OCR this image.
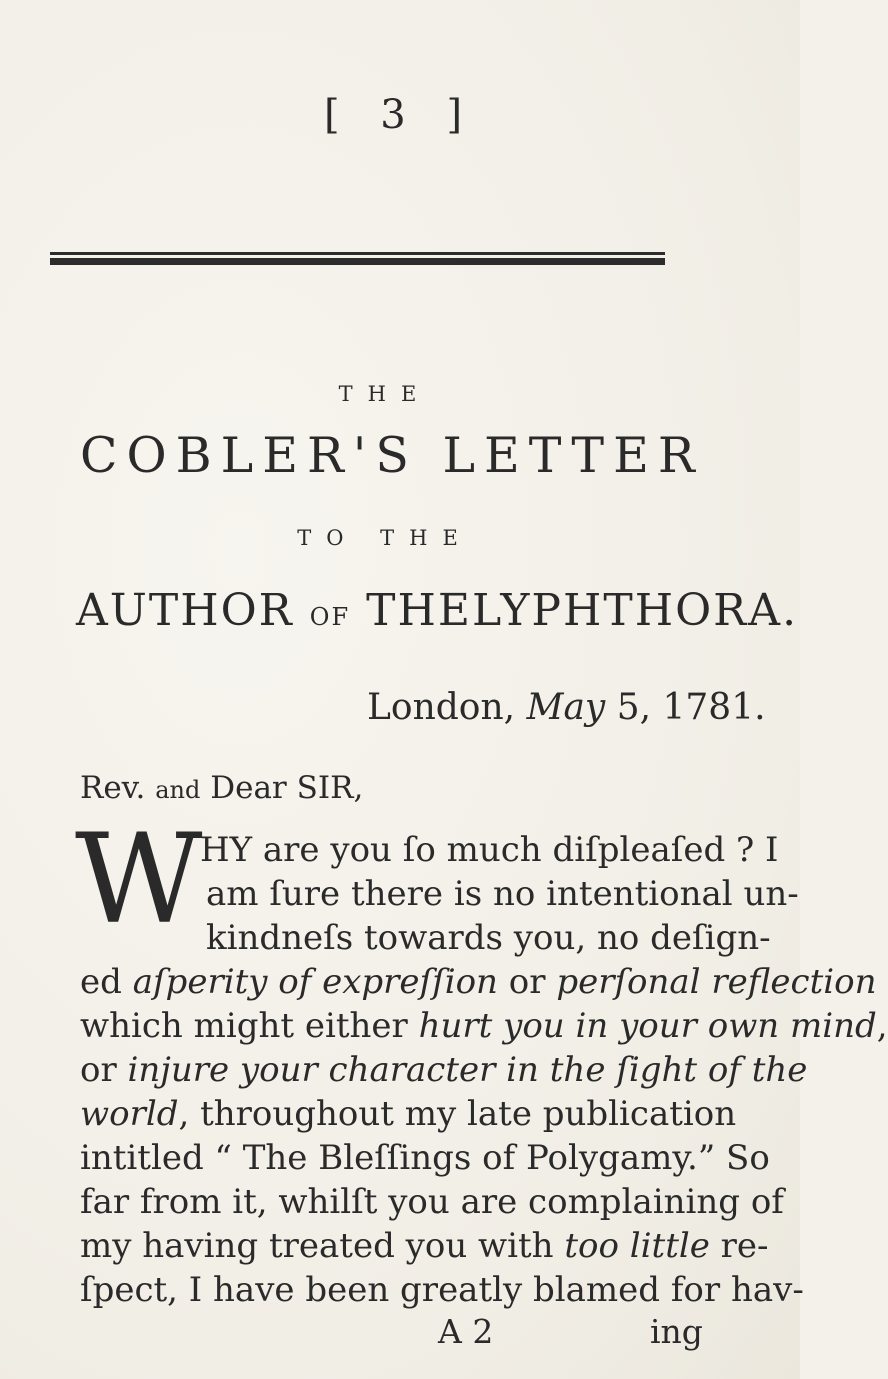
[ 3 ]
THE
COBLER'S LETTER
TO THE
AUTHOR OF THELYPHTHORA.
London, May 5, 1781.
Rev. and Dear SIR,
W
HY are you ſo much diſpleaſed ? I
am ſure there is no intentional un-
kindneſs towards you, no deſign-
ed aſperity of expreſſion or perſonal reflection
which might either hurt you in your own mind,
or injure your character in the ſight of the
world, throughout my late publication
intitled “ The Bleſſings of Polygamy.” So
far from it, whilſt you are complaining of
my having treated you with too little re-
ſpect, I have been greatly blamed for hav-
A 2	ing
